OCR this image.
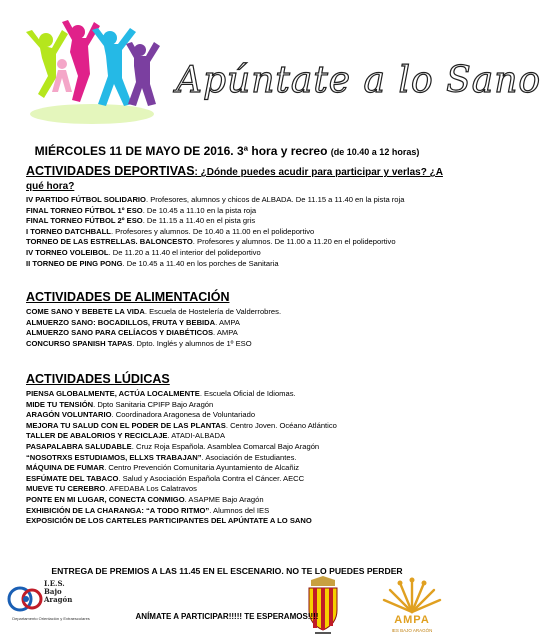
Apúntate a lo Sano
MIÉRCOLES 11 DE MAYO DE 2016. 3ª hora y recreo (de 10.40 a 12 horas)
ACTIVIDADES DEPORTIVAS: ¿Dónde puedes acudir para participar y verlas? ¿A qué hora?
IV PARTIDO FÚTBOL SOLIDARIO. Profesores, alumnos y chicos de ALBADA. De 11.15 a 11.40 en la pista roja
FINAL TORNEO FÚTBOL 1º ESO. De 10.45 a 11.10 en la pista roja
FINAL TORNEO FÚTBOL 2º ESO. De 11.15 a 11.40 en el pista gris
I TORNEO DATCHBALL. Profesores y alumnos. De 10.40 a 11.00 en el polideportivo
TORNEO DE LAS ESTRELLAS. BALONCESTO. Profesores y alumnos. De 11.00 a 11.20 en el polideportivo
IV TORNEO VOLEIBOL. De 11.20 a 11.40 el interior del polideportivo
II TORNEO DE PING PONG. De 10.45 a 11.40 en los porches de Sanitaria
ACTIVIDADES DE ALIMENTACIÓN
COME SANO Y BEBETE LA VIDA. Escuela de Hostelería de Valderrobres.
ALMUERZO SANO: BOCADILLOS, FRUTA Y BEBIDA. AMPA
ALMUERZO SANO PARA CELÍACOS Y DIABÉTICOS. AMPA
CONCURSO SPANISH TAPAS. Dpto. Inglés y alumnos de 1º ESO
ACTIVIDADES LÚDICAS
PIENSA GLOBALMENTE, ACTÚA LOCALMENTE. Escuela Oficial de Idiomas.
MIDE TU TENSIÓN. Dpto Sanitaria CPIFP Bajo Aragón
ARAGÓN VOLUNTARIO. Coordinadora Aragonesa de Voluntariado
MEJORA TU SALUD CON EL PODER DE LAS PLANTAS. Centro Joven. Océano Atlántico
TALLER DE ABALORIOS Y RECICLAJE. ATADI-ALBADA
PASAPALABRA SALUDABLE. Cruz Roja Española. Asamblea Comarcal Bajo Aragón
“NOSOTRXS ESTUDIAMOS, ELLXS TRABAJAN”. Asociación de Estudiantes.
MÁQUINA DE FUMAR. Centro Prevención Comunitaria Ayuntamiento de Alcañiz
ESFÚMATE DEL TABACO. Salud y Asociación Española Contra el Cáncer. AECC
MUEVE TU CEREBRO. AFEDABA Los Calatravos
PONTE EN MI LUGAR, CONECTA CONMIGO. ASAPME Bajo Aragón
EXHIBICIÓN DE LA CHARANGA: “A TODO RITMO”. Alumnos del IES
EXPOSICIÓN DE LOS CARTELES PARTICIPANTES DEL APÚNTATE A LO SANO
ENTREGA DE PREMIOS A LAS 11.45 EN EL ESCENARIO. NO TE LO PUEDES PERDER
I.E.S.
Bajo
Aragón
Departamento Orientación y Extraescolares	AMPA
IES BAJO ARAGÓN
ANÍMATE A PARTICIPAR!!!!! TE ESPERAMOS!!!!
